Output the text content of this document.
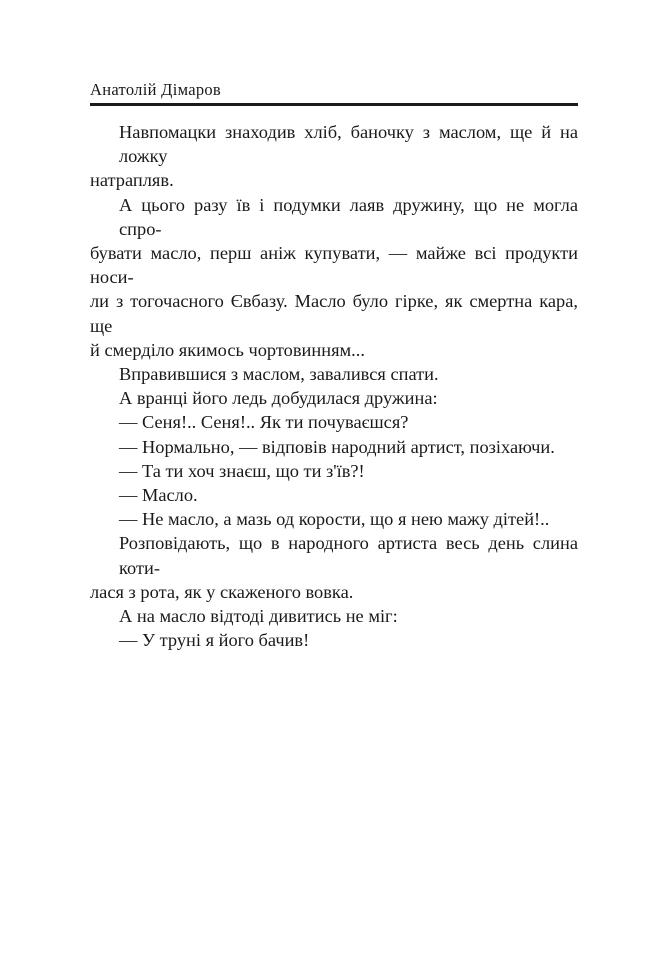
Анатолій Дімаров
Навпомацки знаходив хліб, баночку з маслом, ще й на ложку
натрапляв.
А цього разу їв і подумки лаяв дружину, що не могла спро-
бувати масло, перш аніж купувати, — майже всі продукти носи-
ли з тогочасного Євбазу. Масло було гірке, як смертна кара, ще
й смерділо якимось чортовинням...
Вправившися з маслом, завалився спати.
А вранці його ледь добудилася дружина:
— Сеня!.. Сеня!.. Як ти почуваєшся?
— Нормально, — відповів народний артист, позіхаючи.
— Та ти хоч знаєш, що ти з'їв?!
— Масло.
— Не масло, а мазь од корости, що я нею мажу дітей!..
Розповідають, що в народного артиста весь день слина коти-
лася з рота, як у скаженого вовка.
А на масло відтоді дивитись не міг:
— У труні я його бачив!
